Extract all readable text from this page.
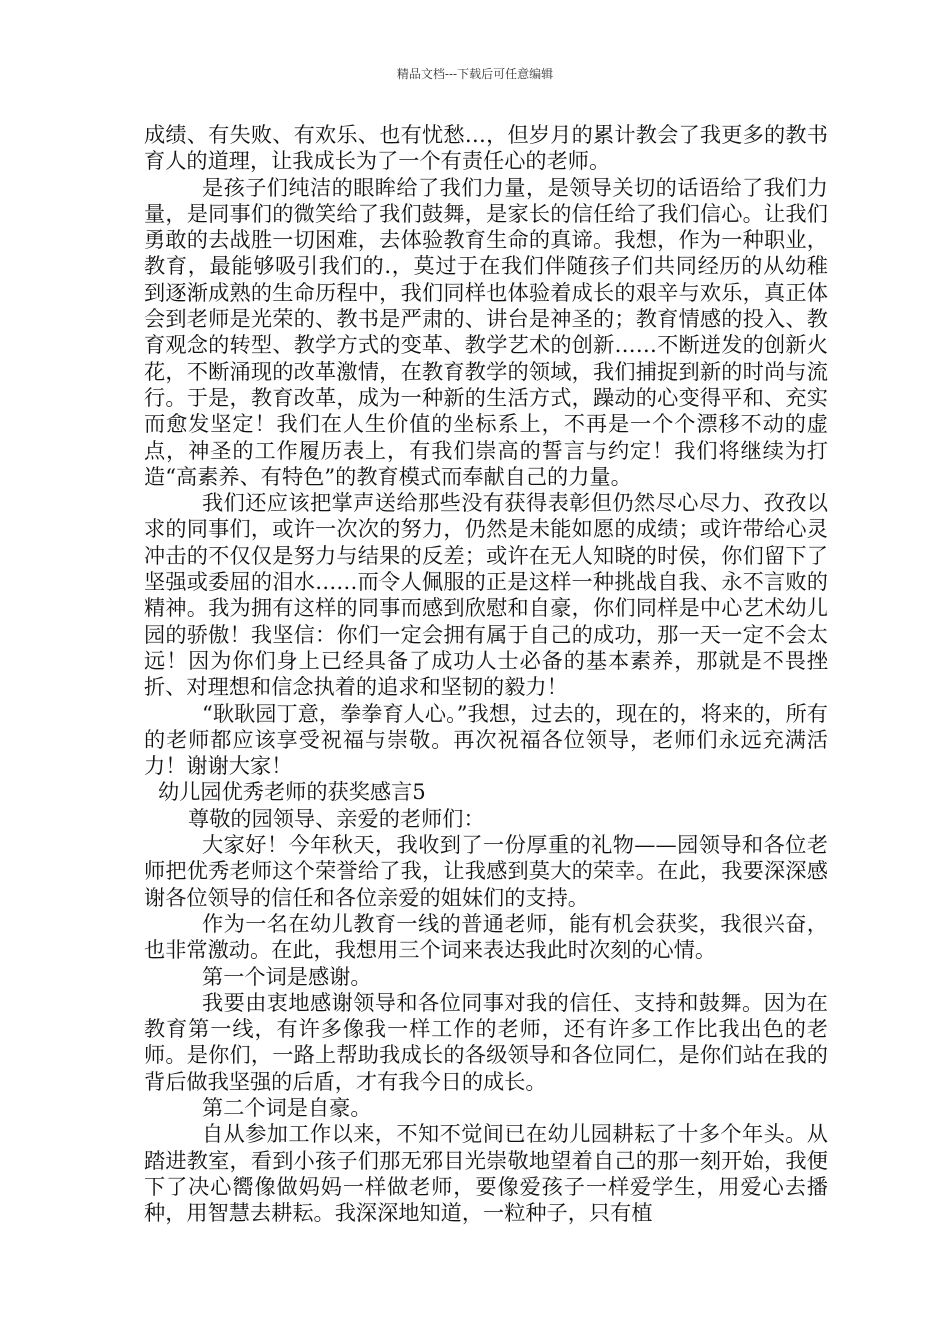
精品文档---下载后可任意编辑

成绩、有失败、有欢乐、也有忧愁…，但岁月的累计教会了我更多的教书育人的道理，让我成长为了一个有责任心的老师。

是孩子们纯洁的眼眸给了我们力量，是领导关切的话语给了我们力量，是同事们的微笑给了我们鼓舞，是家长的信任给了我们信心。让我们勇敢的去战胜一切困难，去体验教育生命的真谛。我想，作为一种职业，教育，最能够吸引我们的.，莫过于在我们伴随孩子们共同经历的从幼稚到逐渐成熟的生命历程中，我们同样也体验着成长的艰辛与欢乐，真正体会到老师是光荣的、教书是严肃的、讲台是神圣的；教育情感的投入、教育观念的转型、教学方式的变革、教学艺术的创新……不断迸发的创新火花，不断涌现的改革激情，在教育教学的领域，我们捕捉到新的时尚与流行。于是，教育改革，成为一种新的生活方式，躁动的心变得平和、充实而愈发坚定！我们在人生价值的坐标系上，不再是一个个漂移不动的虚点，神圣的工作履历表上，有我们崇高的誓言与约定！我们将继续为打造“高素养、有特色”的教育模式而奉献自己的力量。

我们还应该把掌声送给那些没有获得表彰但仍然尽心尽力、孜孜以求的同事们，或许一次次的努力，仍然是未能如愿的成绩；或许带给心灵冲击的不仅仅是努力与结果的反差；或许在无人知晓的时侯，你们留下了坚强或委屈的泪水……而令人佩服的正是这样一种挑战自我、永不言败的精神。我为拥有这样的同事而感到欣慰和自豪，你们同样是中心艺术幼儿园的骄傲！我坚信：你们一定会拥有属于自己的成功，那一天一定不会太远！因为你们身上已经具备了成功人士必备的基本素养，那就是不畏挫折、对理想和信念执着的追求和坚韧的毅力！

“耿耿园丁意，拳拳育人心。”我想，过去的，现在的，将来的，所有的老师都应该享受祝福与崇敬。再次祝福各位领导，老师们永远充满活力！谢谢大家！

幼儿园优秀老师的获奖感言5

尊敬的园领导、亲爱的老师们：

大家好！今年秋天，我收到了一份厚重的礼物——园领导和各位老师把优秀老师这个荣誉给了我，让我感到莫大的荣幸。在此，我要深深感谢各位领导的信任和各位亲爱的姐妹们的支持。

作为一名在幼儿教育一线的普通老师，能有机会获奖，我很兴奋，也非常激动。在此，我想用三个词来表达我此时次刻的心情。

第一个词是感谢。

我要由衷地感谢领导和各位同事对我的信任、支持和鼓舞。因为在教育第一线，有许多像我一样工作的老师，还有许多工作比我出色的老师。是你们，一路上帮助我成长的各级领导和各位同仁，是你们站在我的背后做我坚强的后盾，才有我今日的成长。

第二个词是自豪。

自从参加工作以来，不知不觉间已在幼儿园耕耘了十多个年头。从踏进教室，看到小孩子们那无邪目光崇敬地望着自己的那一刻开始，我便下了决心嚮像做妈妈一样做老师，要像爱孩子一样爱学生，用爱心去播种，用智慧去耕耘。我深深地知道，一粒种子，只有植
